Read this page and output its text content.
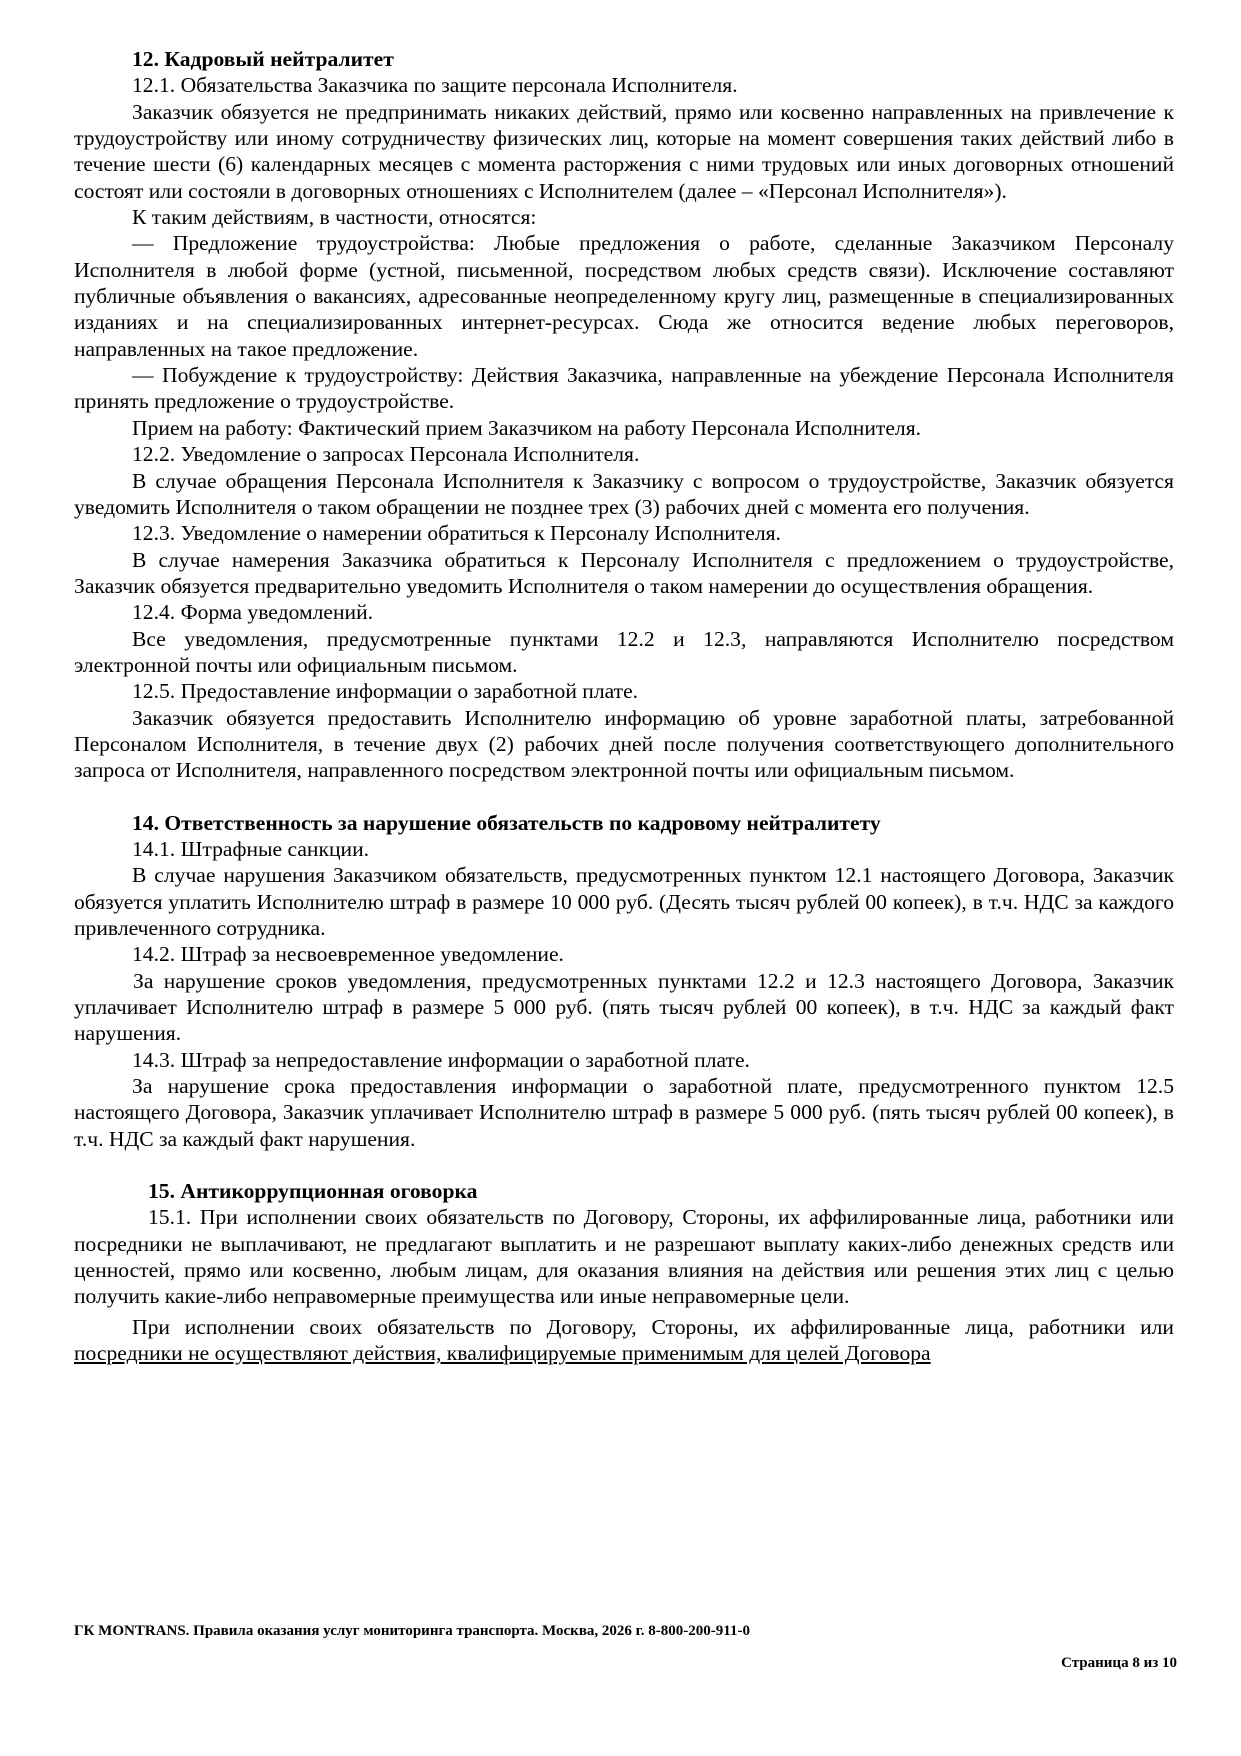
12. Кадровый нейтралитет

12.1. Обязательства Заказчика по защите персонала Исполнителя.

Заказчик обязуется не предпринимать никаких действий, прямо или косвенно направленных на привлечение к трудоустройству или иному сотрудничеству физических лиц, которые на момент совершения таких действий либо в течение шести (6) календарных месяцев с момента расторжения с ними трудовых или иных договорных отношений состоят или состояли в договорных отношениях с Исполнителем (далее – «Персонал Исполнителя»).

К таким действиям, в частности, относятся:

— Предложение трудоустройства: Любые предложения о работе, сделанные Заказчиком Персоналу Исполнителя в любой форме (устной, письменной, посредством любых средств связи). Исключение составляют публичные объявления о вакансиях, адресованные неопределенному кругу лиц, размещенные в специализированных изданиях и на специализированных интернет-ресурсах. Сюда же относится ведение любых переговоров, направленных на такое предложение.

— Побуждение к трудоустройству: Действия Заказчика, направленные на убеждение Персонала Исполнителя принять предложение о трудоустройстве.

Прием на работу: Фактический прием Заказчиком на работу Персонала Исполнителя.

12.2. Уведомление о запросах Персонала Исполнителя.

В случае обращения Персонала Исполнителя к Заказчику с вопросом о трудоустройстве, Заказчик обязуется уведомить Исполнителя о таком обращении не позднее трех (3) рабочих дней с момента его получения.

12.3. Уведомление о намерении обратиться к Персоналу Исполнителя.

В случае намерения Заказчика обратиться к Персоналу Исполнителя с предложением о трудоустройстве, Заказчик обязуется предварительно уведомить Исполнителя о таком намерении до осуществления обращения.

12.4. Форма уведомлений.

Все уведомления, предусмотренные пунктами 12.2 и 12.3, направляются Исполнителю посредством электронной почты или официальным письмом.

12.5. Предоставление информации о заработной плате.

Заказчик обязуется предоставить Исполнителю информацию об уровне заработной платы, затребованной Персоналом Исполнителя, в течение двух (2) рабочих дней после получения соответствующего дополнительного запроса от Исполнителя, направленного посредством электронной почты или официальным письмом.

14. Ответственность за нарушение обязательств по кадровому нейтралитету

14.1. Штрафные санкции.

В случае нарушения Заказчиком обязательств, предусмотренных пунктом 12.1 настоящего Договора, Заказчик обязуется уплатить Исполнителю штраф в размере 10 000 руб. (Десять тысяч рублей 00 копеек), в т.ч. НДС за каждого привлеченного сотрудника.

14.2. Штраф за несвоевременное уведомление.

За нарушение сроков уведомления, предусмотренных пунктами 12.2 и 12.3 настоящего Договора, Заказчик уплачивает Исполнителю штраф в размере 5 000 руб. (пять тысяч рублей 00 копеек), в т.ч. НДС за каждый факт нарушения.

14.3. Штраф за непредоставление информации о заработной плате.

За нарушение срока предоставления информации о заработной плате, предусмотренного пунктом 12.5 настоящего Договора, Заказчик уплачивает Исполнителю штраф в размере 5 000 руб. (пять тысяч рублей 00 копеек), в т.ч. НДС за каждый факт нарушения.

15. Антикоррупционная оговорка

15.1. При исполнении своих обязательств по Договору, Стороны, их аффилированные лица, работники или посредники не выплачивают, не предлагают выплатить и не разрешают выплату каких-либо денежных средств или ценностей, прямо или косвенно, любым лицам, для оказания влияния на действия или решения этих лиц с целью получить какие-либо неправомерные преимущества или иные неправомерные цели.

При исполнении своих обязательств по Договору, Стороны, их аффилированные лица, работники или посредники не осуществляют действия, квалифицируемые применимым для целей Договора

ГК MONTRANS. Правила оказания услуг мониторинга транспорта. Москва, 2026 г. 8-800-200-911-0
Страница 8 из 10
